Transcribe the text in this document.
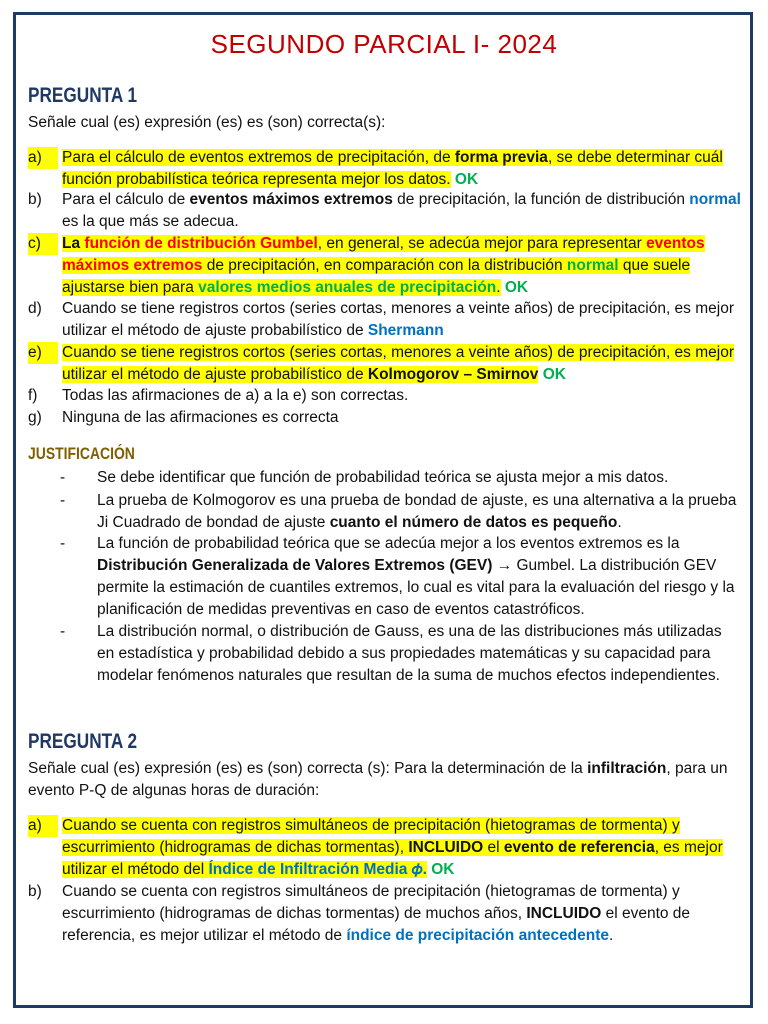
SEGUNDO PARCIAL I- 2024
PREGUNTA 1
Señale cual (es) expresión (es) es (son) correcta(s):
a)	Para el cálculo de eventos extremos de precipitación, de forma previa, se debe determinar cuál función probabilística teórica representa mejor los datos. OK
b)	Para el cálculo de eventos máximos extremos de precipitación, la función de distribución normal es la que más se adecua.
c)	La función de distribución Gumbel, en general, se adecúa mejor para representar eventos máximos extremos de precipitación, en comparación con la distribución normal que suele ajustarse bien para valores medios anuales de precipitación. OK
d)	Cuando se tiene registros cortos (series cortas, menores a veinte años) de precipitación, es mejor utilizar el método de ajuste probabilístico de Shermann
e)	Cuando se tiene registros cortos (series cortas, menores a veinte años) de precipitación, es mejor utilizar el método de ajuste probabilístico de Kolmogorov – Smirnov OK
f)	Todas las afirmaciones de a) a la e) son correctas.
g)	Ninguna de las afirmaciones es correcta
JUSTIFICACIÓN
- Se debe identificar que función de probabilidad teórica se ajusta mejor a mis datos.
- La prueba de Kolmogorov es una prueba de bondad de ajuste, es una alternativa a la prueba Ji Cuadrado de bondad de ajuste cuanto el número de datos es pequeño.
- La función de probabilidad teórica que se adecúa mejor a los eventos extremos es la Distribución Generalizada de Valores Extremos (GEV) → Gumbel. La distribución GEV permite la estimación de cuantiles extremos, lo cual es vital para la evaluación del riesgo y la planificación de medidas preventivas en caso de eventos catastróficos.
- La distribución normal, o distribución de Gauss, es una de las distribuciones más utilizadas en estadística y probabilidad debido a sus propiedades matemáticas y su capacidad para modelar fenómenos naturales que resultan de la suma de muchos efectos independientes.
PREGUNTA 2
Señale cual (es) expresión (es) es (son) correcta (s): Para la determinación de la infiltración, para un evento P-Q de algunas horas de duración:
a)	Cuando se cuenta con registros simultáneos de precipitación (hietogramas de tormenta) y escurrimiento (hidrogramas de dichas tormentas), INCLUIDO el evento de referencia, es mejor utilizar el método del Índice de Infiltración Media 𝜙. OK
b)	Cuando se cuenta con registros simultáneos de precipitación (hietogramas de tormenta) y escurrimiento (hidrogramas de dichas tormentas) de muchos años, INCLUIDO el evento de referencia, es mejor utilizar el método de índice de precipitación antecedente.
